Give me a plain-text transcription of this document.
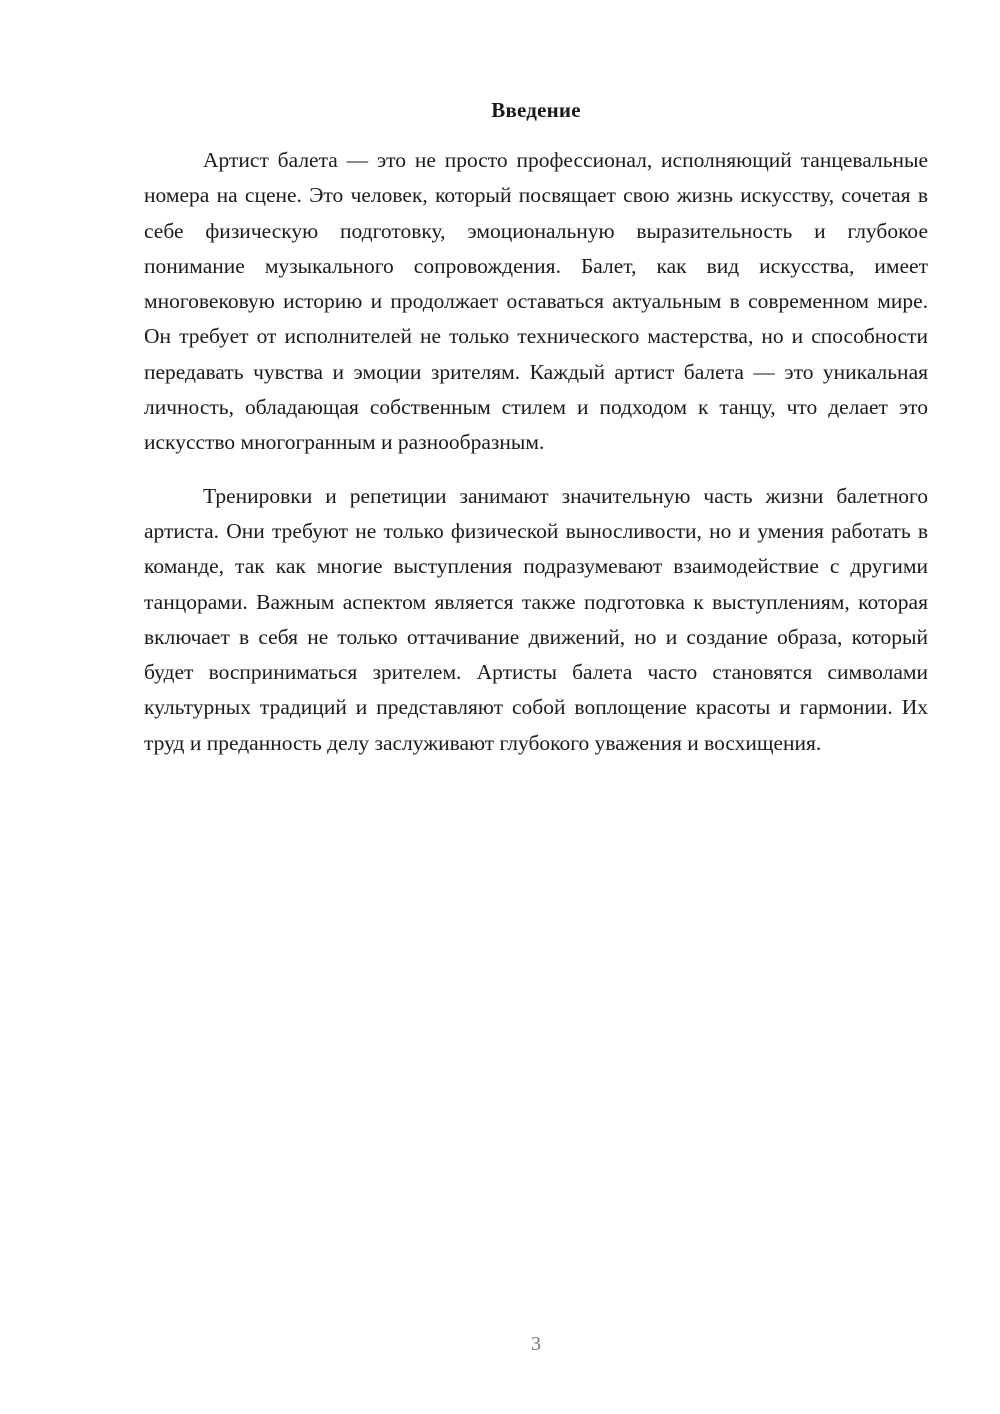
Введение

Артист балета — это не просто профессионал, исполняющий танцевальные номера на сцене. Это человек, который посвящает свою жизнь искусству, сочетая в себе физическую подготовку, эмоциональную выразительность и глубокое понимание музыкального сопровождения. Балет, как вид искусства, имеет многовековую историю и продолжает оставаться актуальным в современном мире. Он требует от исполнителей не только технического мастерства, но и способности передавать чувства и эмоции зрителям. Каждый артист балета — это уникальная личность, обладающая собственным стилем и подходом к танцу, что делает это искусство многогранным и разнообразным.

Тренировки и репетиции занимают значительную часть жизни балетного артиста. Они требуют не только физической выносливости, но и умения работать в команде, так как многие выступления подразумевают взаимодействие с другими танцорами. Важным аспектом является также подготовка к выступлениям, которая включает в себя не только оттачивание движений, но и создание образа, который будет восприниматься зрителем. Артисты балета часто становятся символами культурных традиций и представляют собой воплощение красоты и гармонии. Их труд и преданность делу заслуживают глубокого уважения и восхищения.

3
